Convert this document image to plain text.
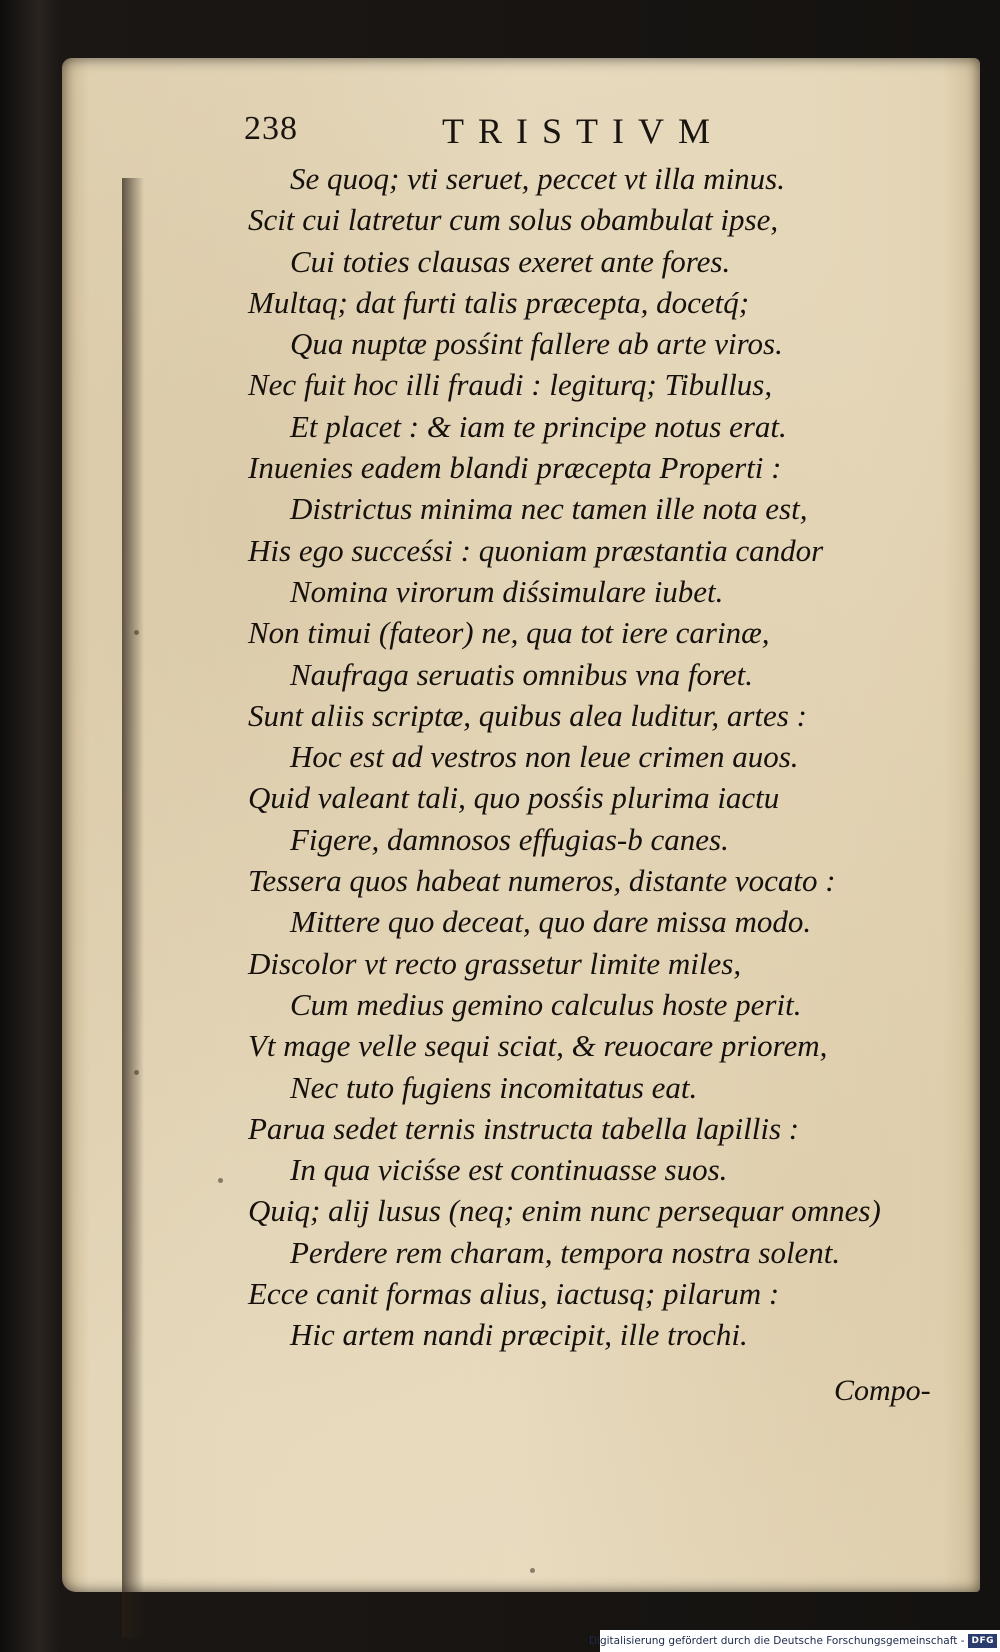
238	TRISTIVM
Se quoq; vti seruet, peccet vt illa minus.
Scit cui latretur cum solus obambulat ipse,
Cui toties clausas exeret ante fores.
Multaq; dat furti talis præcepta, docetq́;
Qua nuptæ posśint fallere ab arte viros.
Nec fuit hoc illi fraudi : legiturq; Tibullus,
Et placet : & iam te principe notus erat.
Inuenies eadem blandi præcepta Properti :
Districtus minima nec tamen ille nota est,
His ego succeśsi : quoniam præstantia candor
Nomina virorum diśsimulare iubet.
Non timui (fateor) ne, qua tot iere carinæ,
Naufraga seruatis omnibus vna foret.
Sunt aliis scriptæ, quibus alea luditur, artes :
Hoc est ad vestros non leue crimen auos.
Quid valeant tali, quo posśis plurima iactu
Figere, damnosos effugias-b canes.
Tessera quos habeat numeros, distante vocato :
Mittere quo deceat, quo dare missa modo.
Discolor vt recto grassetur limite miles,
Cum medius gemino calculus hoste perit.
Vt mage velle sequi sciat, & reuocare priorem,
Nec tuto fugiens incomitatus eat.
Parua sedet ternis instructa tabella lapillis :
In qua viciśse est continuasse suos.
Quiq; alij lusus (neq; enim nunc persequar omnes)
Perdere rem charam, tempora nostra solent.
Ecce canit formas alius, iactusq; pilarum :
Hic artem nandi præcipit, ille trochi.
Compo-
Digitalisierung gefördert durch die Deutsche Forschungsgemeinschaft - DFG
